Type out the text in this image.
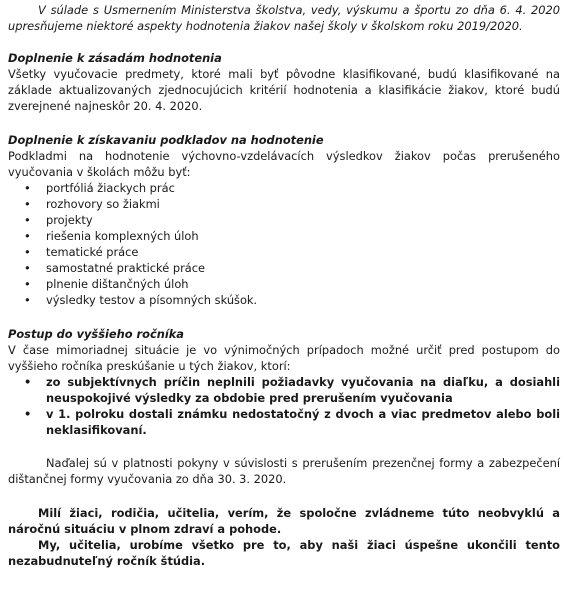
V súlade s Usmernením Ministerstva školstva, vedy, výskumu a športu zo dňa 6. 4. 2020 upresňujeme niektoré aspekty hodnotenia žiakov našej školy v školskom roku 2019/2020.

Doplnenie k zásadám hodnotenia

Všetky vyučovacie predmety, ktoré mali byť pôvodne klasifikované, budú klasifikované na základe aktualizovaných zjednocujúcich kritérií hodnotenia a klasifikácie žiakov, ktoré budú zverejnené najneskôr 20. 4. 2020.

Doplnenie k získavaniu podkladov na hodnotenie

Podkladmi na hodnotenie výchovno-vzdelávacích výsledkov žiakov počas prerušeného vyučovania v školách môžu byť:

• portfóliá žiackych prác
• rozhovory so žiakmi
• projekty
• riešenia komplexných úloh
• tematické práce
• samostatné praktické práce
• plnenie dištančných úloh
• výsledky testov a písomných skúšok.

Postup do vyššieho ročníka

V čase mimoriadnej situácie je vo výnimočných prípadoch možné určiť pred postupom do vyššieho ročníka preskúšanie u tých žiakov, ktorí:

• zo subjektívnych príčin neplnili požiadavky vyučovania na diaľku, a dosiahli neuspokojivé výsledky za obdobie pred prerušením vyučovania
• v 1. polroku dostali známku nedostatočný z dvoch a viac predmetov alebo boli neklasifikovaní.

Naďalej sú v platnosti pokyny v súvislosti s prerušením prezenčnej formy a zabezpečení dištančnej formy vyučovania zo dňa 30. 3. 2020.

Milí žiaci, rodičia, učitelia, verím, že spoločne zvládneme túto neobvyklú a náročnú situáciu v plnom zdraví a pohode.

My, učitelia, urobíme všetko pre to, aby naši žiaci úspešne ukončili tento nezabudnuteľný ročník štúdia.
